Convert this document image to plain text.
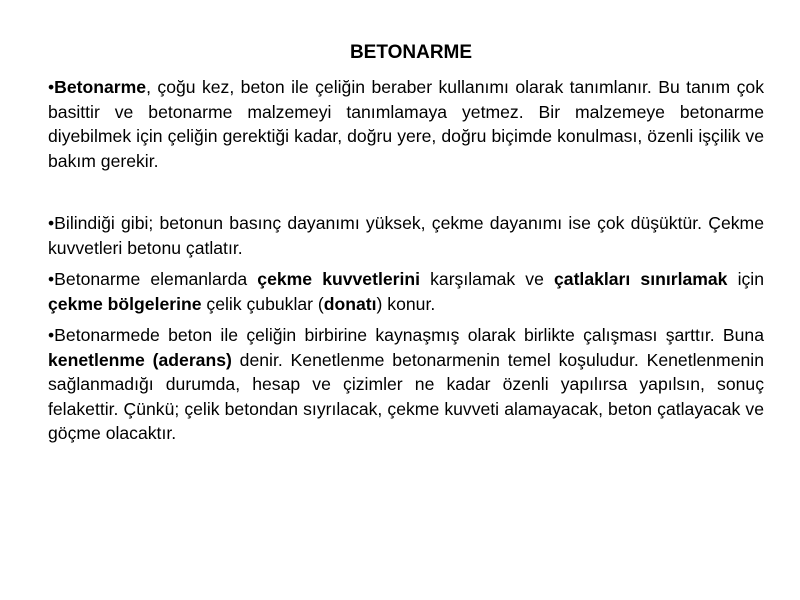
BETONARME

•Betonarme, çoğu kez, beton ile çeliğin beraber kullanımı olarak tanımlanır. Bu tanım çok basittir ve betonarme malzemeyi tanımlamaya yetmez. Bir malzemeye betonarme diyebilmek için çeliğin gerektiği kadar, doğru yere, doğru biçimde konulması, özenli işçilik ve bakım gerekir.

•Bilindiği gibi; betonun basınç dayanımı yüksek, çekme dayanımı ise çok düşüktür. Çekme kuvvetleri betonu çatlatır.

•Betonarme elemanlarda çekme kuvvetlerini karşılamak ve çatlakları sınırlamak için çekme bölgelerine çelik çubuklar (donatı) konur.

•Betonarmede beton ile çeliğin birbirine kaynaşmış olarak birlikte çalışması şarttır. Buna kenetlenme (aderans) denir. Kenetlenme betonarmenin temel koşuludur. Kenetlenmenin sağlanmadığı durumda, hesap ve çizimler ne kadar özenli yapılırsa yapılsın, sonuç felakettir. Çünkü; çelik betondan sıyrılacak, çekme kuvveti alamayacak, beton çatlayacak ve göçme olacaktır.
